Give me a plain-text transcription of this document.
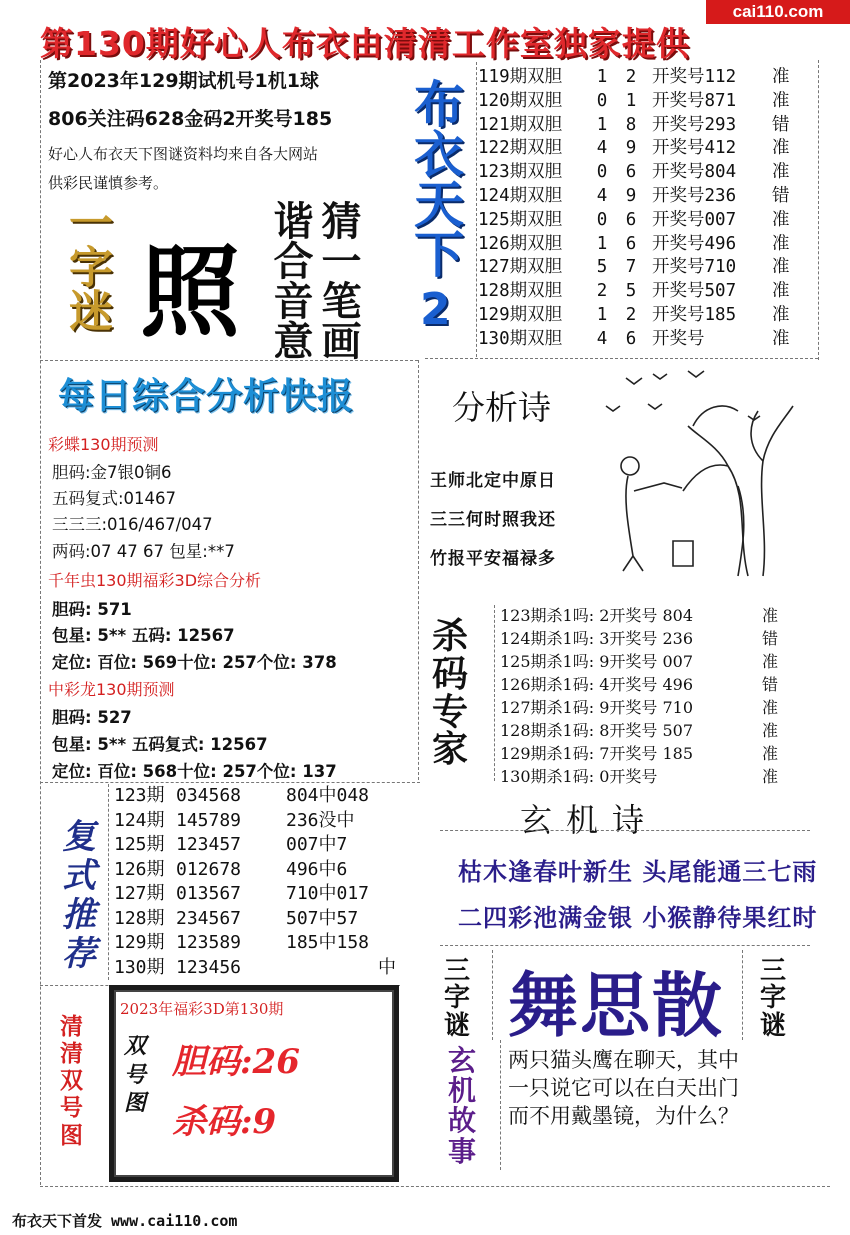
cai110.com
第130期好心人布衣由清清工作室独家提供
第2023年129期试机号1机1球
806关注码628金码2开奖号185
好心人布衣天下图谜资料均来自各大网站
供彩民谨慎参考。
一字迷 照 猜一笔画
谐合音意
布衣天下
2
119期双胆 1 2 开奖号112 准
120期双胆 0 1 开奖号871 准
121期双胆 1 8 开奖号293 错
122期双胆 4 9 开奖号412 准
123期双胆 0 6 开奖号804 准
124期双胆 4 9 开奖号236 错
125期双胆 0 6 开奖号007 准
126期双胆 1 6 开奖号496 准
127期双胆 5 7 开奖号710 准
128期双胆 2 5 开奖号507 准
129期双胆 1 2 开奖号185 准
130期双胆 4 6 开奖号	准
每日综合分析快报
彩蝶130期预测
胆码:金7银0铜6
五码复式:01467
三三三:016/467/047
两码:07 47 67 包星:**7
千年虫130期福彩3D综合分析
胆码: 571
包星: 5** 五码: 12567
定位: 百位: 569十位: 257个位: 378
中彩龙130期预测
胆码: 527
包星: 5** 五码复式: 12567
定位: 百位: 568十位: 257个位: 137
分析诗
王师北定中原日
三三何时照我还
竹报平安福禄多
杀码专家
123期杀1吗: 2开奖号 804	准
124期杀1吗: 3开奖号 236	错
125期杀1吗: 9开奖号 007	准
126期杀1码: 4开奖号 496	错
127期杀1码: 9开奖号 710	准
128期杀1码: 8开奖号 507	准
129期杀1码: 7开奖号 185	准
130期杀1码: 0开奖号	准
玄机诗
枯木逢春叶新生 头尾能通三七雨
二四彩池满金银 小猴静待果红时
复式推荐
123期 034568 804中048
124期 145789 236没中
125期 123457 007中7
126期 012678 496中6
127期 013567 710中017
128期 234567 507中57
129期 123589 185中158
130期 123456	中
清清双号图
2023年福彩3D第130期
双号图
胆码:26
杀码:9
三字谜 舞思散 三字谜
玄机故事
两只猫头鹰在聊天，其中
一只说它可以在白天出门
而不用戴墨镜，为什么？
布衣天下首发 www.cai110.com
